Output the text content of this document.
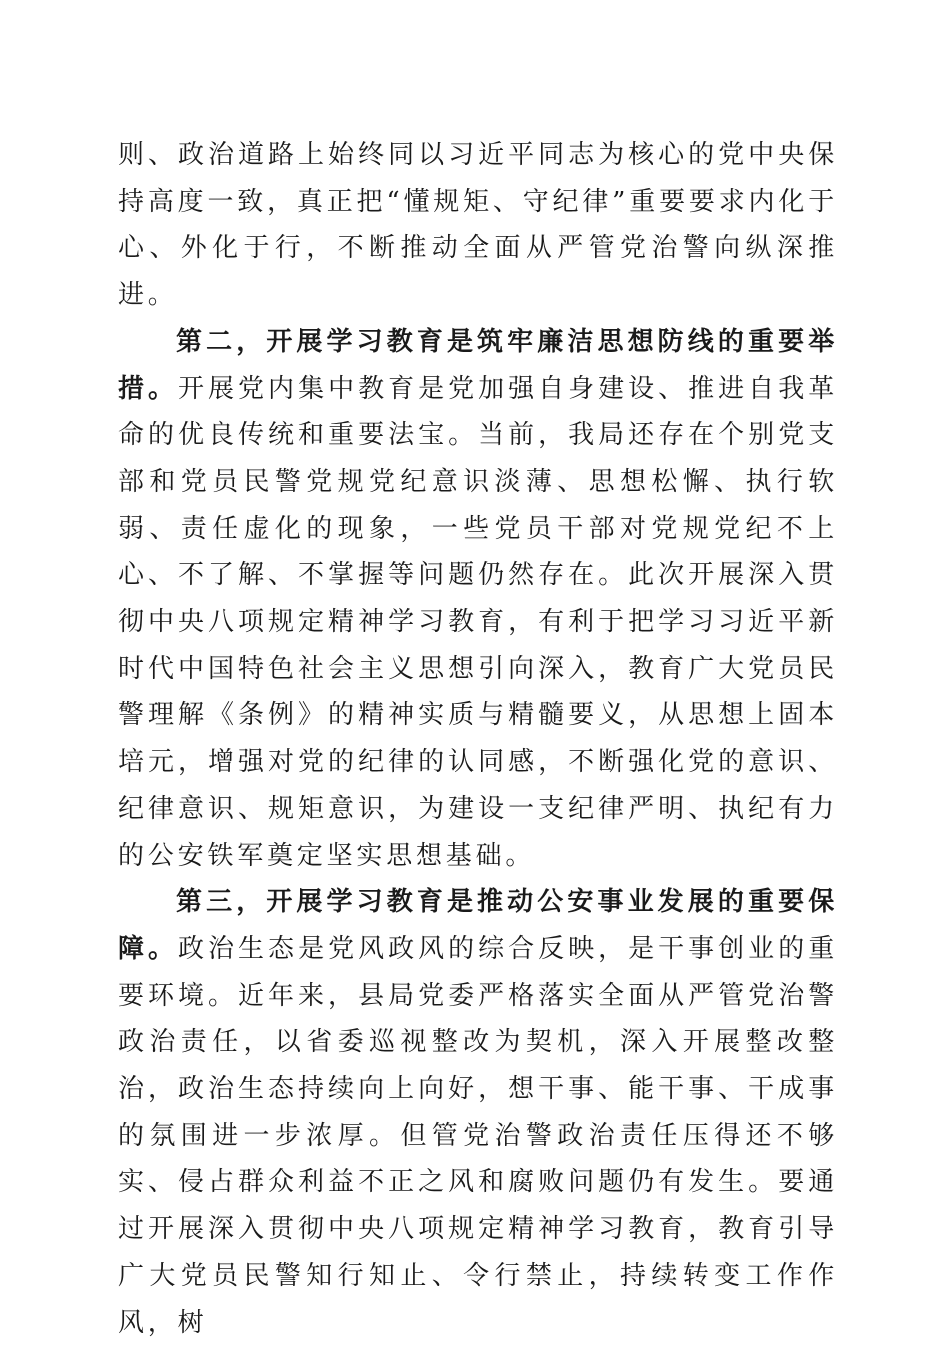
则、政治道路上始终同以习近平同志为核心的党中央保持高度一致，真正把“懂规矩、守纪律”重要要求内化于心、外化于行，不断推动全面从严管党治警向纵深推进。

第二，开展学习教育是筑牢廉洁思想防线的重要举措。开展党内集中教育是党加强自身建设、推进自我革命的优良传统和重要法宝。当前，我局还存在个别党支部和党员民警党规党纪意识淡薄、思想松懈、执行软弱、责任虚化的现象，一些党员干部对党规党纪不上心、不了解、不掌握等问题仍然存在。此次开展深入贯彻中央八项规定精神学习教育，有利于把学习习近平新时代中国特色社会主义思想引向深入，教育广大党员民警理解《条例》的精神实质与精髓要义，从思想上固本培元，增强对党的纪律的认同感，不断强化党的意识、纪律意识、规矩意识，为建设一支纪律严明、执纪有力的公安铁军奠定坚实思想基础。

第三，开展学习教育是推动公安事业发展的重要保障。政治生态是党风政风的综合反映，是干事创业的重要环境。近年来，县局党委严格落实全面从严管党治警政治责任，以省委巡视整改为契机，深入开展整改整治，政治生态持续向上向好，想干事、能干事、干成事的氛围进一步浓厚。但管党治警政治责任压得还不够实、侵占群众利益不正之风和腐败问题仍有发生。要通过开展深入贯彻中央八项规定精神学习教育，教育引导广大党员民警知行知止、令行禁止，持续转变工作作风，树
